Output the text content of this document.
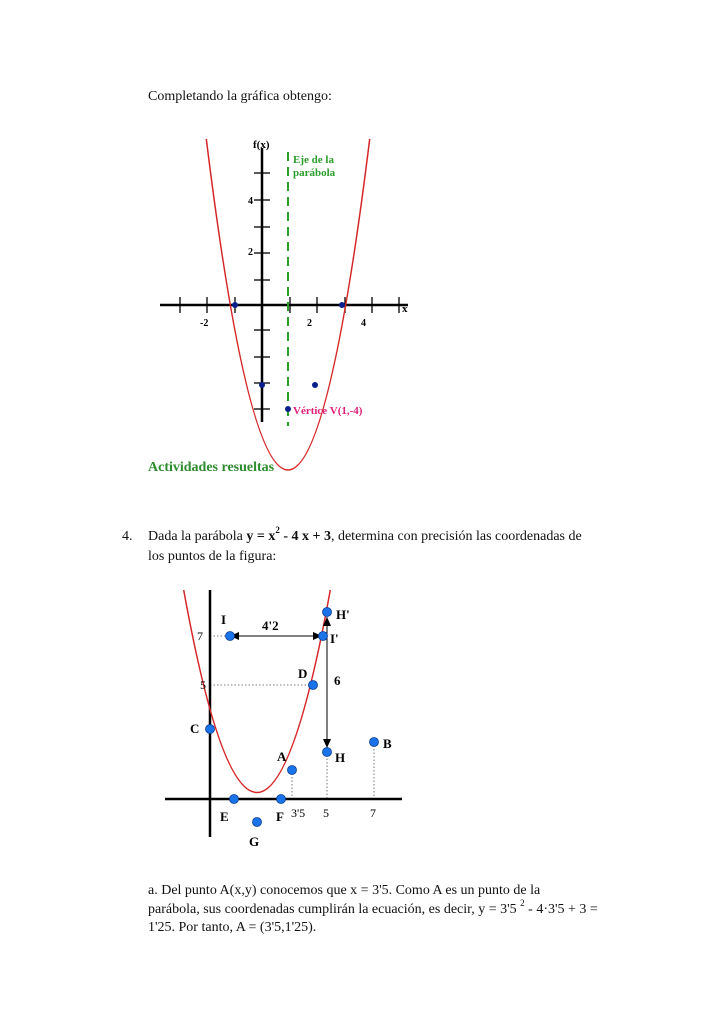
Completando la gráfica obtengo:
f(x)
x
Eje de la
parábola
4
2
-2	2	4
Vértice V(1,-4)
Actividades resueltas
4. Dada la parábola $y = x^2 - 4$ x + 3, determina con precisión las coordenadas de
los puntos de la figura:
I	4'2
H'
I'
D 6
C
A	H
B
E	F
G
7
5
3'5 5	7
a. Del punto A(x,y) conocemos que x = 3'5. Como A es un punto de la
parábola, sus coordenadas cumplirán la ecuación, es decir, y = 3'5 $^2$ - 4·3'5 + 3 =
1'25. Por tanto, A = (3'5,1'25).
